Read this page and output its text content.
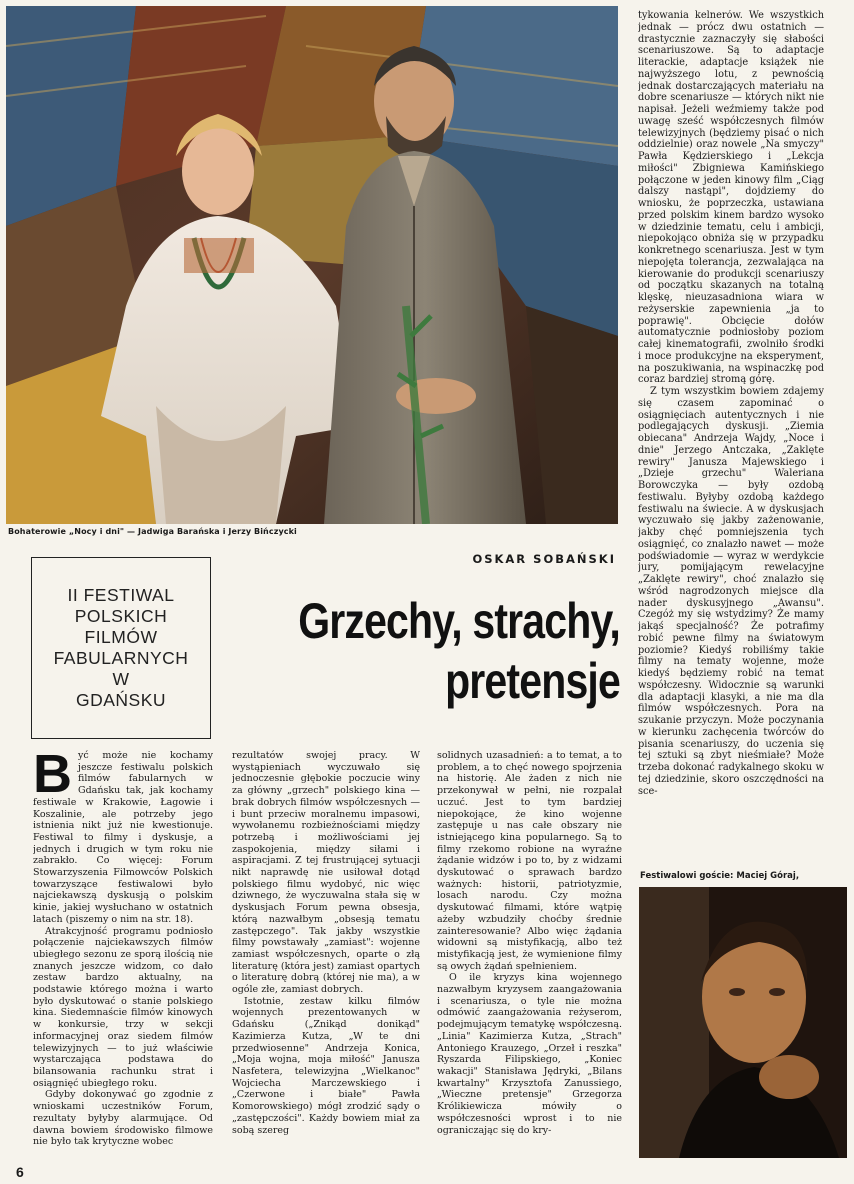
Bohaterowie „Nocy i dni" — Jadwiga Barańska i Jerzy Bińczycki
OSKAR SOBAŃSKI
II FESTIWAL
POLSKICH
FILMÓW
FABULARNYCH
W
GDAŃSKU
Grzechy, strachy,
pretensje

Być może nie kochamy jeszcze festiwalu polskich filmów fabularnych w Gdańsku tak, jak kochamy festiwale w Krakowie, Łagowie i Koszalinie, ale potrzeby jego istnienia nikt już nie kwestionuje. Festiwal to filmy i dyskusje, a jednych i drugich w tym roku nie zabrakło. Co więcej: Forum Stowarzyszenia Filmowców Polskich towarzyszące festiwalowi było najciekawszą dyskusją o polskim kinie, jakiej wysłuchano w ostatnich latach (piszemy o nim na str. 18).

Atrakcyjność programu podniosło połączenie najciekawszych filmów ubiegłego sezonu ze sporą ilością nie znanych jeszcze widzom, co dało zestaw bardzo aktualny, na podstawie którego można i warto było dyskutować o stanie polskiego kina. Siedemnaście filmów kinowych w konkursie, trzy w sekcji informacyjnej oraz siedem filmów telewizyjnych — to już właściwie wystarczająca podstawa do bilansowania rachunku strat i osiągnięć ubiegłego roku.

Gdyby dokonywać go zgodnie z wnioskami uczestników Forum, rezultaty byłyby alarmujące. Od dawna bowiem środowisko filmowe nie było tak krytyczne wobec

rezultatów swojej pracy. W wystąpieniach wyczuwało się jednoczesnie głębokie poczucie winy za główny „grzech" polskiego kina — brak dobrych filmów współczesnych — i bunt przeciw moralnemu impasowi, wywołanemu rozbieżnościami między potrzebą i możliwościami jej zaspokojenia, między siłami i aspiracjami. Z tej frustrującej sytuacji nikt naprawdę nie usiłował dotąd polskiego filmu wydobyć, nic więc dziwnego, że wyczuwalna stała się w dyskusjach Forum pewna obsesja, którą nazwałbym „obsesją tematu zastępczego". Tak jakby wszystkie filmy powstawały „zamiast": wojenne zamiast współczesnych, oparte o złą literaturę (która jest) zamiast opartych o literaturę dobrą (której nie ma), a w ogóle złe, zamiast dobrych.

Istotnie, zestaw kilku filmów wojennych prezentowanych w Gdańsku („Znikąd donikąd" Kazimierza Kutza, „W te dni przedwiosenne" Andrzeja Konica, „Moja wojna, moja miłość" Janusza Nasfetera, telewizyjna „Wielkanoc" Wojciecha Marczewskiego i „Czerwone i białe" Pawła Komorowskiego) mógł zrodzić sądy o „zastępczości". Każdy bowiem miał za sobą szereg

solidnych uzasadnień: a to temat, a to problem, a to chęć nowego spojrzenia na historię. Ale żaden z nich nie przekonywał w pełni, nie rozpalał uczuć. Jest to tym bardziej niepokojące, że kino wojenne zastępuje u nas całe obszary nie istniejącego kina popularnego. Są to filmy rzekomo robione na wyraźne żądanie widzów i po to, by z widzami dyskutować o sprawach bardzo ważnych: historii, patriotyzmie, losach narodu. Czy można dyskutować filmami, które wątpię ażeby wzbudziły choćby średnie zainteresowanie? Albo więc żądania widowni są mistyfikacją, albo też mistyfikacją jest, że wymienione filmy są owych żądań spełnieniem.

O ile kryzys kina wojennego nazwałbym kryzysem zaangażowania i scenariusza, o tyle nie można odmówić zaangażowania reżyserom, podejmującym tematykę współczesną. „Linia" Kazimierza Kutza, „Strach" Antoniego Krauzego, „Orzeł i reszka" Ryszarda Filipskiego, „Koniec wakacji" Stanisława Jędryki, „Bilans kwartalny" Krzysztofa Zanussiego, „Wieczne pretensje" Grzegorza Królikiewicza mówiły o współczesności wprost i to nie ograniczając się do kry-

tykowania kelnerów. We wszystkich jednak — prócz dwu ostatnich — drastycznie zaznaczyły się słabości scenariuszowe. Są to adaptacje literackie, adaptacje książek nie najwyższego lotu, z pewnością jednak dostarczających materiału na dobre scenariusze — których nikt nie napisał. Jeżeli weźmiemy także pod uwagę sześć współczesnych filmów telewizyjnych (będziemy pisać o nich oddzielnie) oraz nowele „Na smyczy" Pawła Kędzierskiego i „Lekcja miłości" Zbigniewa Kamińskiego połączone w jeden kinowy film „Ciąg dalszy nastąpi", dojdziemy do wniosku, że poprzeczka, ustawiana przed polskim kinem bardzo wysoko w dziedzinie tematu, celu i ambicji, niepokojąco obniża się w przypadku konkretnego scenariusza. Jest w tym niepojęta tolerancja, zezwalająca na kierowanie do produkcji scenariuszy od początku skazanych na totalną klęskę, nieuzasadniona wiara w reżyserskie zapewnienia „ja to poprawię". Obcięcie dołów automatycznie podniosłoby poziom całej kinematografii, zwolniło środki i moce produkcyjne na eksperyment, na poszukiwania, na wspinaczkę pod coraz bardziej stromą górę.

Z tym wszystkim bowiem zdajemy się czasem zapominać o osiągnięciach autentycznych i nie podlegających dyskusji. „Ziemia obiecana" Andrzeja Wajdy, „Noce i dnie" Jerzego Antczaka, „Zaklęte rewiry" Janusza Majewskiego i „Dzieje grzechu" Waleriana Borowczyka — były ozdobą festiwalu. Byłyby ozdobą każdego festiwalu na świecie. A w dyskusjach wyczuwało się jakby zażenowanie, jakby chęć pomniejszenia tych osiągnięć, co znalazło nawet — może podświadomie — wyraz w werdykcie jury, pomijającym rewelacyjne „Zaklęte rewiry", choć znalazło się wśród nagrodzonych miejsce dla nader dyskusyjnego „Awansu". Czegóż my się wstydzimy? Że mamy jakąś specjalność? Że potrafimy robić pewne filmy na światowym poziomie? Kiedyś robiliśmy takie filmy na tematy wojenne, może kiedyś będziemy robić na temat współczesny. Widocznie są warunki dla adaptacji klasyki, a nie ma dla filmów współczesnych. Pora na szukanie przyczyn. Może poczynania w kierunku zachęcenia twórców do pisania scenariuszy, do uczenia się tej sztuki są zbyt nieśmiałe? Może trzeba dokonać radykalnego skoku w tej dziedzinie, skoro oszczędności na sce-

Festiwalowi goście: Maciej Gόraj,
6
